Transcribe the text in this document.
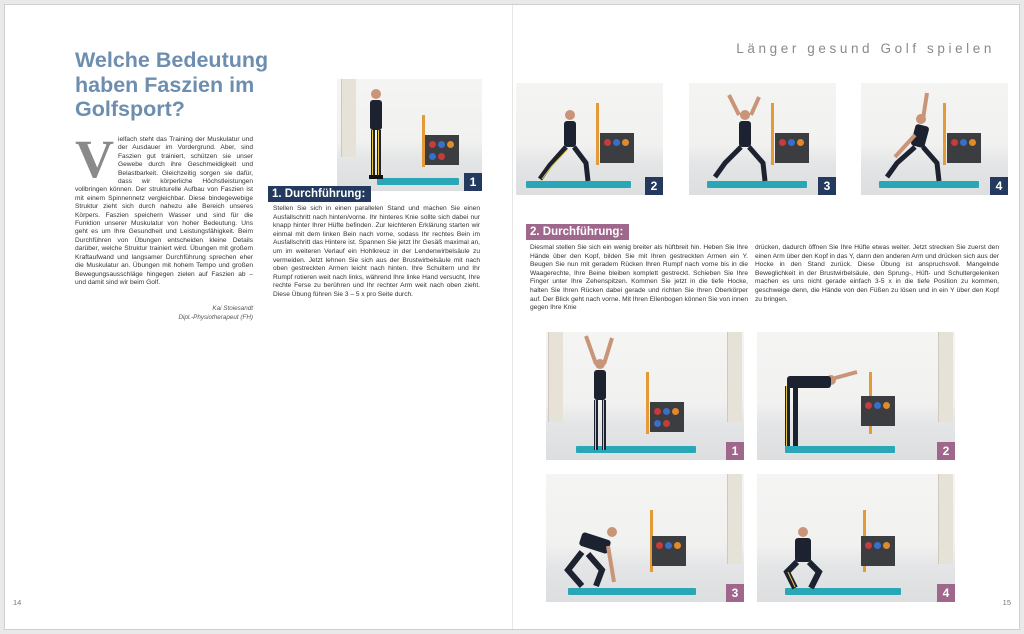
Länger gesund Golf spielen
Welche Bedeutung haben Faszien im Golfsport?

Vielfach steht das Training der Muskulatur und der Ausdauer im Vordergrund. Aber, sind Faszien gut trainiert, schützen sie unser Gewebe durch ihre Geschmeidigkeit und Belastbarkeit. Gleichzeitig sorgen sie dafür, dass wir körperliche Höchstleistungen vollbringen können. Der strukturelle Aufbau von Faszien ist mit einem Spinnennetz vergleichbar. Diese bindegewebige Struktur zieht sich durch nahezu alle Bereich unseres Körpers. Faszien speichern Wasser und sind für die Funktion unserer Muskulatur von hoher Bedeutung. Uns geht es um Ihre Gesundheit und Leistungsfähigkeit. Beim Durchführen von Übungen entscheiden kleine Details darüber, welche Struktur trainiert wird. Übungen mit großem Kraftaufwand und langsamer Durchführung sprechen eher die Muskulatur an. Übungen mit hohem Tempo und großen Bewegungsausschläge hingegen zielen auf Faszien ab – und damit sind wir beim Golf.

Kai Stoiesandt
Dipl.-Physiotherapeut (FH)
1	2	3	4
1. Durchführung:

Stellen Sie sich in einen parallelen Stand und machen Sie einen Ausfallschritt nach hinten/vorne. Ihr hinteres Knie sollte sich dabei nur knapp hinter Ihrer Hüfte befinden. Zur leichteren Erklärung starten wir einmal mit dem linken Bein nach vorne, sodass Ihr rechtes Bein im Ausfallschritt das Hintere ist. Spannen Sie jetzt Ihr Gesäß maximal an, um im weiteren Verlauf ein Hohlkreuz in der Lendenwirbelsäule zu vermeiden. Jetzt lehnen Sie sich aus der Brustwirbelsäule mit nach oben gestreckten Armen leicht nach hinten. Ihre Schultern und Ihr Rumpf rotieren weit nach links, während Ihre linke Hand versucht, Ihre rechte Ferse zu berühren und Ihr rechter Arm weit nach oben zieht. Diese Übung führen Sie 3 – 5 x pro Seite durch.

2. Durchführung:

Diesmal stellen Sie sich ein wenig breiter als hüftbreit hin. Heben Sie Ihre Hände über den Kopf, bilden Sie mit Ihren gestreckten Armen ein Y. Beugen Sie nun mit geradem Rücken Ihren Rumpf nach vorne bis in die Waagerechte, Ihre Beine bleiben komplett gestreckt. Schieben Sie Ihre Finger unter Ihre Zehenspitzen. Kommen Sie jetzt in die tiefe Hocke, halten Sie Ihren Rücken dabei gerade und richten Sie Ihren Oberkörper auf. Der Blick geht nach vorne. Mit Ihren Ellenbogen können Sie von innen gegen Ihre Knie

drücken, dadurch öffnen Sie Ihre Hüfte etwas weiter. Jetzt strecken Sie zuerst den einen Arm über den Kopf in das Y, dann den anderen Arm und drücken sich aus der Hocke in den Stand zurück. Diese Übung ist anspruchsvoll. Mangelnde Beweglichkeit in der Brustwirbelsäule, den Sprung-, Hüft- und Schultergelenken machen es uns nicht gerade einfach 3-5 x in die tiefe Position zu kommen, geschweige denn, die Hände von den Füßen zu lösen und in ein Y über den Kopf zu bringen.

1	2
3	4
14	15
